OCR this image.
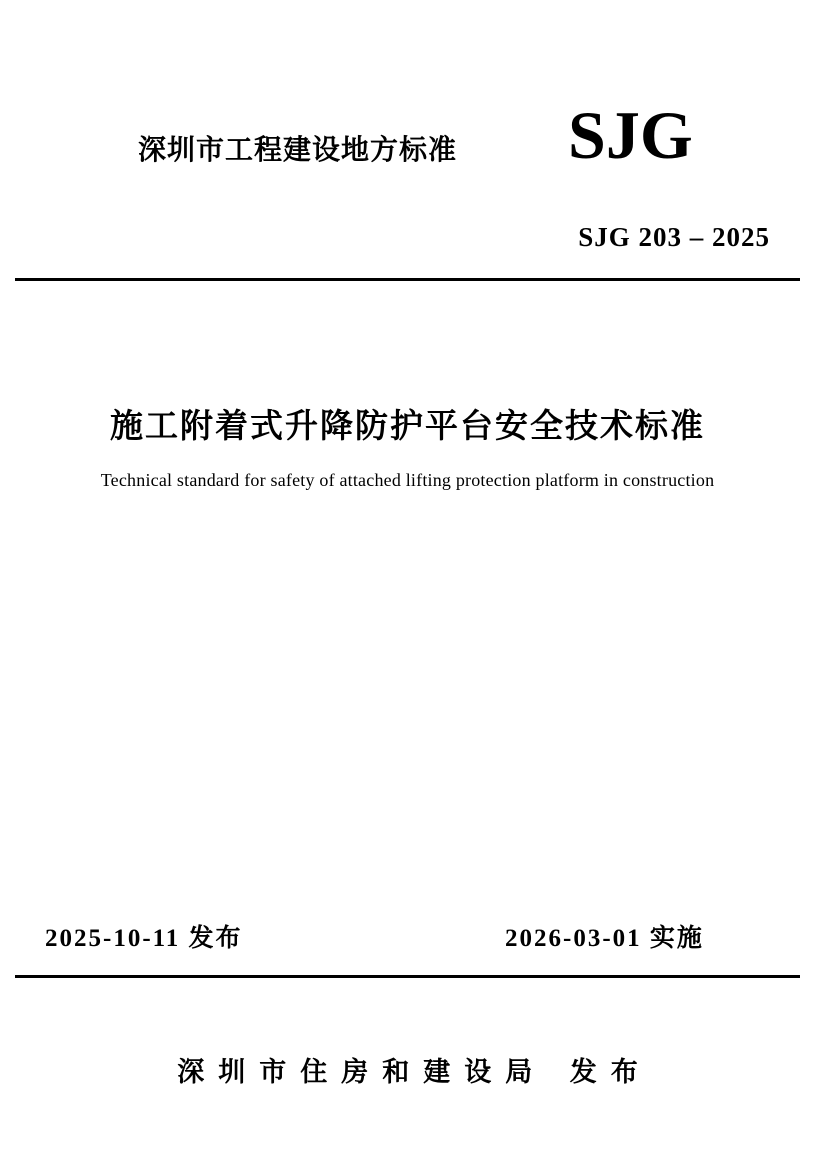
深圳市工程建设地方标准 SJG
SJG 203 – 2025
施工附着式升降防护平台安全技术标准
Technical standard for safety of attached lifting protection platform in construction
2025-10-11 发布	2026-03-01 实施
深圳市住房和建设局 发布
